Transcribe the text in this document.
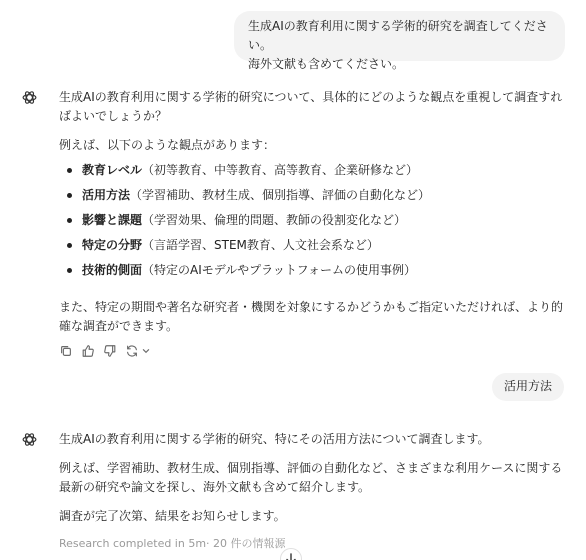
生成AIの教育利用に関する学術的研究を調査してください。
海外文献も含めてください。

生成AIの教育利用に関する学術的研究について、具体的にどのような観点を重視して調査すればよいでしょうか？

例えば、以下のような観点があります：

教育レベル（初等教育、中等教育、高等教育、企業研修など）
活用方法（学習補助、教材生成、個別指導、評価の自動化など）
影響と課題（学習効果、倫理的問題、教師の役割変化など）
特定の分野（言語学習、STEM教育、人文社会系など）
技術的側面（特定のAIモデルやプラットフォームの使用事例）

また、特定の期間や著名な研究者・機関を対象にするかどうかもご指定いただければ、より的確な調査ができます。

活用方法

生成AIの教育利用に関する学術的研究、特にその活用方法について調査します。

例えば、学習補助、教材生成、個別指導、評価の自動化など、さまざまな利用ケースに関する最新の研究や論文を探し、海外文献も含めて紹介します。

調査が完了次第、結果をお知らせします。

Research completed in 5m· 20 件の情報源
